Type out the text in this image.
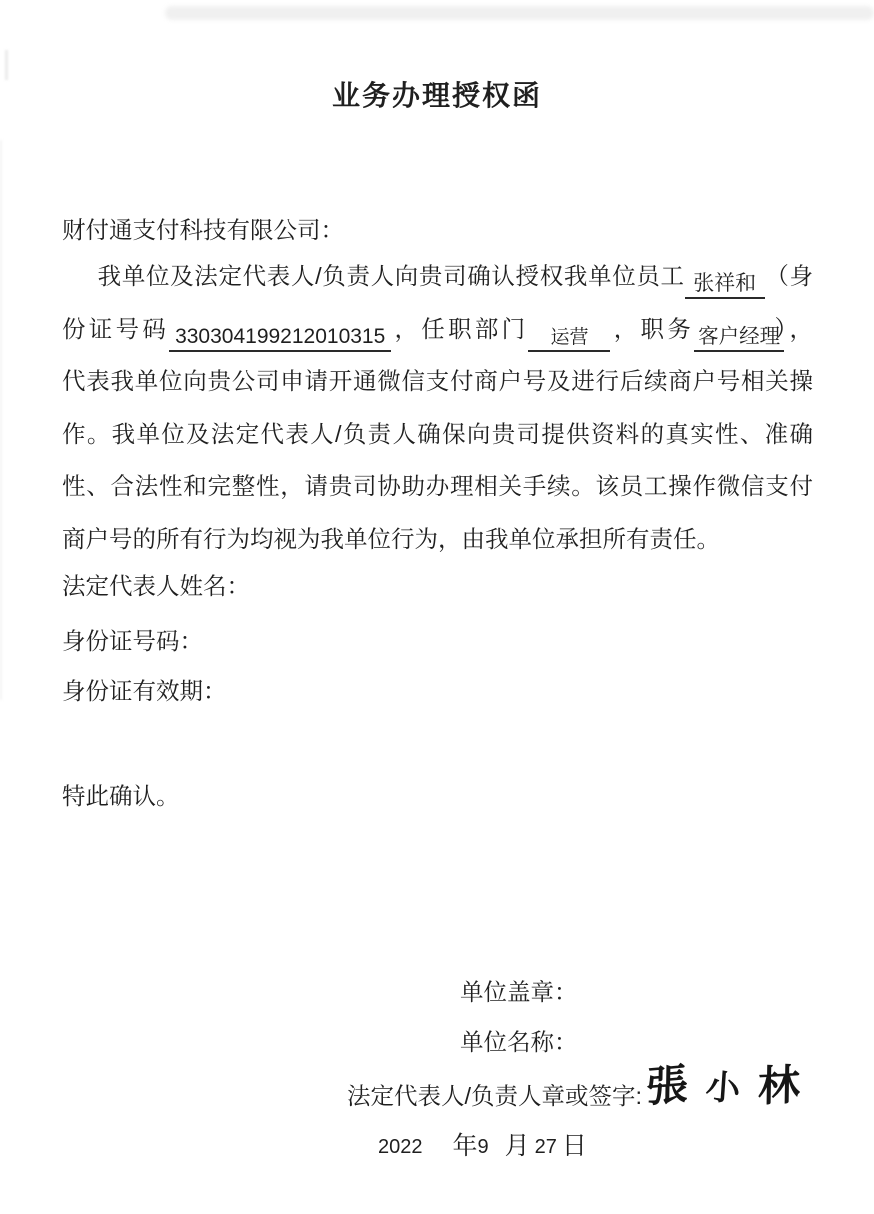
业务办理授权函
财付通支付科技有限公司：
我单位及法定代表人/负责人向贵司确认授权我单位员工 张祥和 （身
份证号码 330304199212010315 ，任职部门 运营 ，职务 客户经理
），
代表我单位向贵公司申请开通微信支付商户号及进行后续商户号相关操
作。我单位及法定代表人/负责人确保向贵司提供资料的真实性、准确
性、合法性和完整性，请贵司协助办理相关手续。该员工操作微信支付
商户号的所有行为均视为我单位行为，由我单位承担所有责任。
法定代表人姓名：
身份证号码：
身份证有效期：
特此确认。
单位盖章：
单位名称：
法定代表人/负责人章或签字:張 小 林
2022 年9 月 27 日
